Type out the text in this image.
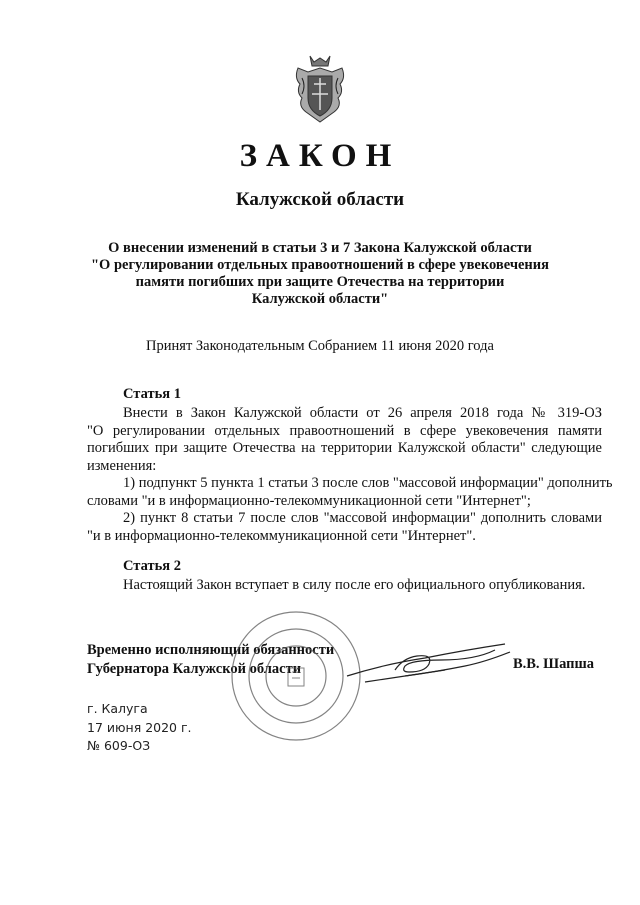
ЗАКОН
Калужской области
О внесении изменений в статьи 3 и 7 Закона Калужской области
"О регулировании отдельных правоотношений в сфере увековечения
памяти погибших при защите Отечества на территории
Калужской области"
Принят Законодательным Собранием 11 июня 2020 года
Статья 1
Внести в Закон Калужской области от 26 апреля 2018 года № 319-ОЗ
"О регулировании отдельных правоотношений в сфере увековечения памяти
погибших при защите Отечества на территории Калужской области" следующие
изменения:
1) подпункт 5 пункта 1 статьи 3 после слов "массовой информации" дополнить
словами "и в информационно-телекоммуникационной сети "Интернет";
2) пункт 8 статьи 7 после слов "массовой информации" дополнить словами
"и в информационно-телекоммуникационной сети "Интернет".
Статья 2
Настоящий Закон вступает в силу после его официального опубликования.
Временно исполняющий обязанности
Губернатора Калужской области	В.В. Шапша
г. Калуга
17 июня 2020 г.
№ 609-ОЗ
